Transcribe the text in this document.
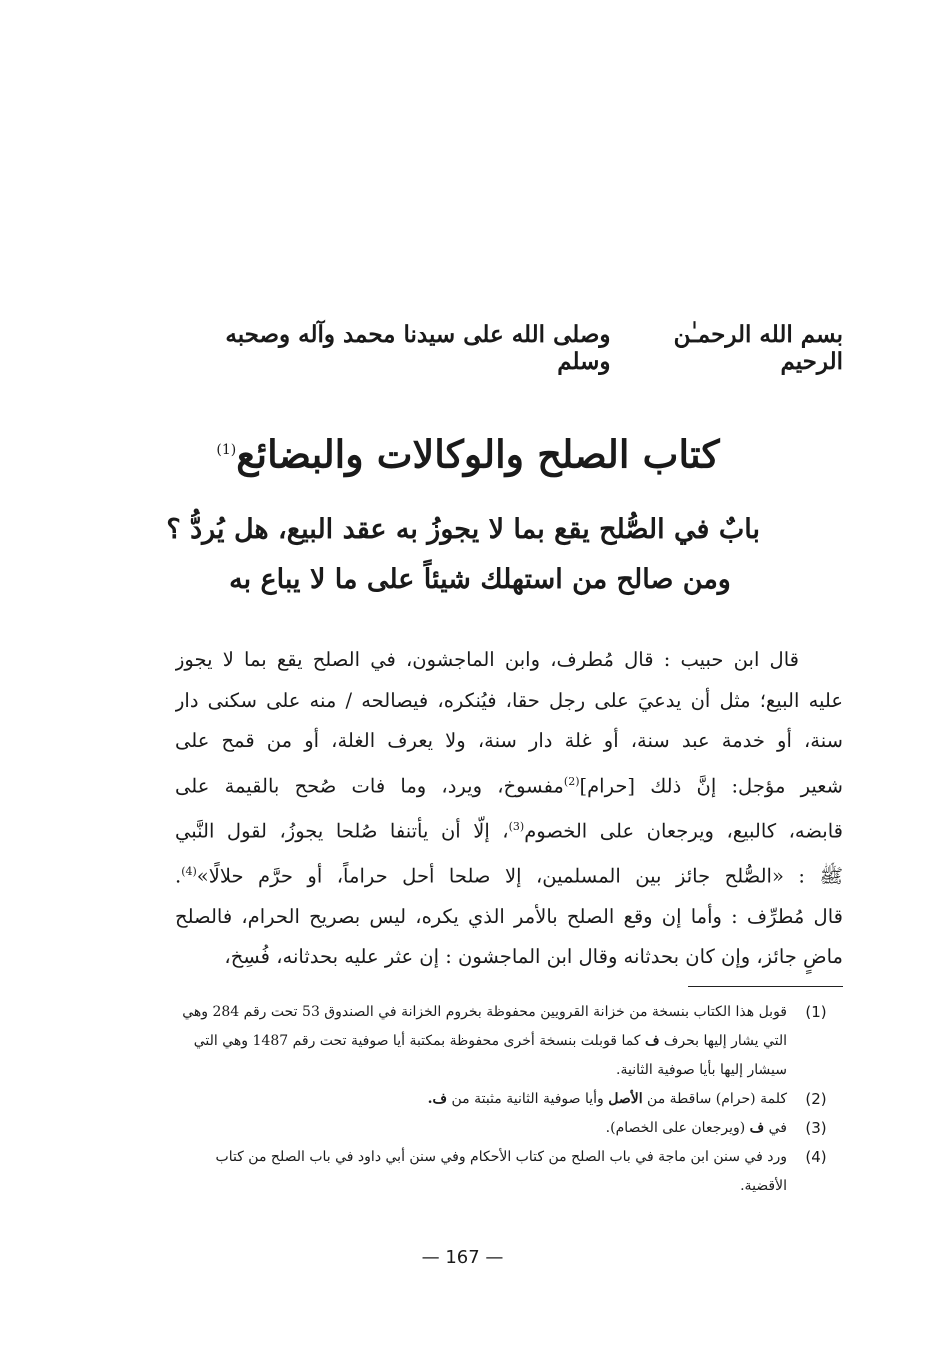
بسم الله الرحمـٰن الرحيم
وصلى الله على سيدنا محمد وآله وصحبه وسلم
كتاب الصلح والوكالات والبضائع$^{(1)}$
بابٌ في الصُّلح يقع بما لا يجوزُ به عقد البيع، هل يُردُّ ؟
ومن صالح من استهلك شيئاً على ما لا يباع به
قال ابن حبيب : قال مُطرف، وابن الماجشون، في الصلح يقع بما لا يجوز
عليه البيع؛ مثل أن يدعيَ على رجل حقا، فيُنكره، فيصالحه / منه على سكنى دار
سنة، أو خدمة عبد سنة، أو غلة دار سنة، ولا يعرف الغلة، أو من قمح على
شعير مؤجل: إنَّ ذلك [حرام]$^{(2)}$مفسوخ، ويرد، وما فات صُحح بالقيمة على
قابضه، كالبيع، ويرجعان على الخصوم$^{(3)}$، إلّا أن يأتنفا صُلحا يجوزُ، لقول النَّبي
ﷺ : «الصُّلح جائز بين المسلمين، إلا صلحا أحل حراماً، أو حرَّم حلالًا»$^{(4)}$.
قال مُطرِّف : وأما إن وقع الصلح بالأمر الذي يكره، ليس بصريح الحرام، فالصلح
ماضٍ جائز، وإن كان بحدثانه وقال ابن الماجشون : إن عثر عليه بحدثانه، فُسِخ،
(1)
قوبل هذا الكتاب بنسخة من خزانة القرويين محفوظة بخروم الخزانة في الصندوق 53 تحت رقم 284 وهي التي يشار إليها بحرف ف كما قوبلت بنسخة أخرى محفوظة بمكتبة أيا صوفية تحت رقم 1487 وهي التي سيشار إليها بأيا صوفية الثانية.
(2)
كلمة (حرام) ساقطة من الأصل وأيا صوفية الثانية مثبتة من ف.
(3)
في ف (ويرجعان على الخصام).
(4)
ورد في سنن ابن ماجة في باب الصلح من كتاب الأحكام وفي سنن أبي داود في باب الصلح من كتاب الأقضية.
— 167 —
